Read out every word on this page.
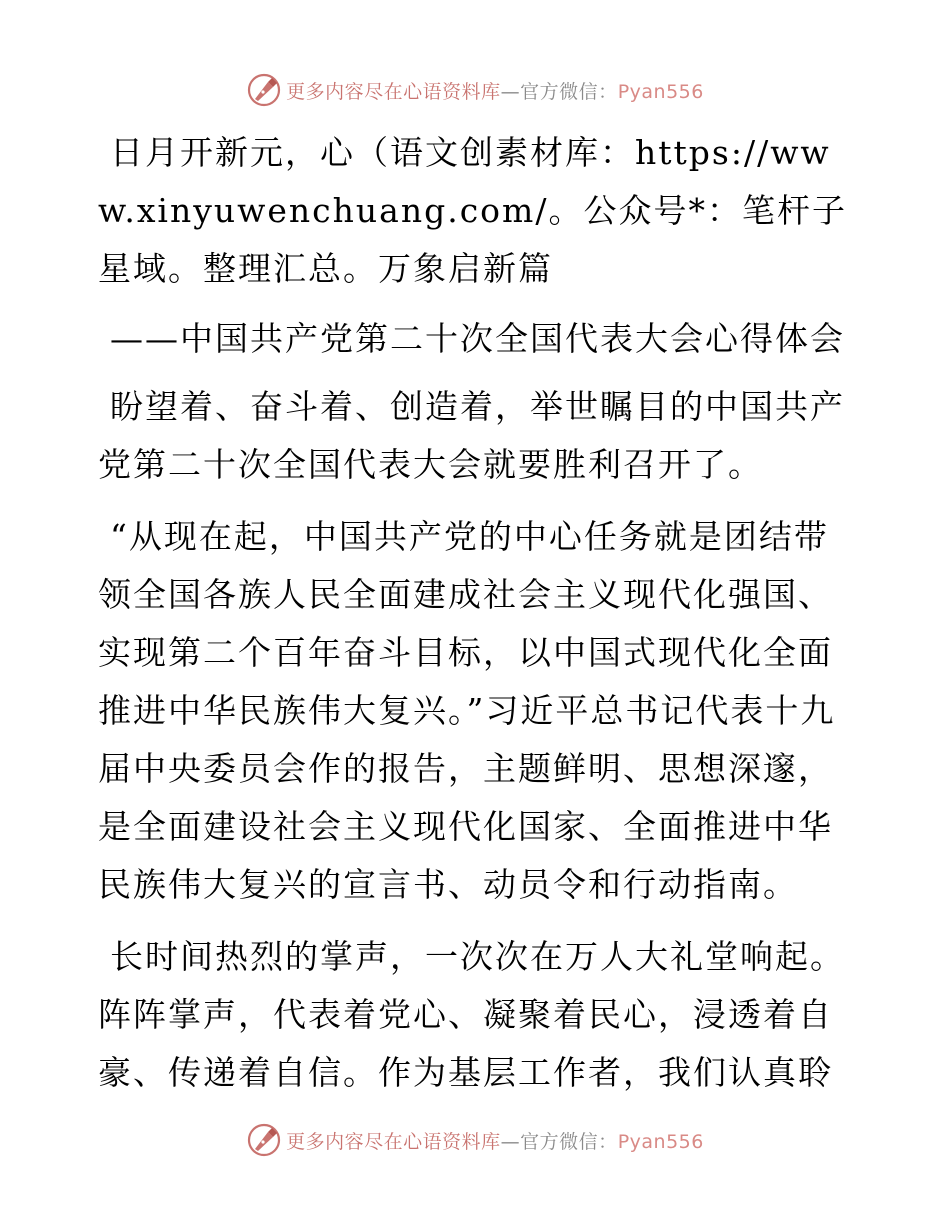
更多内容尽在心语资料库—官方微信：Pyan556

日月开新元，心（语文创素材库：https://www.xinyuwenchuang.com/。公众号*：笔杆子星域。整理汇总。万象启新篇

——中国共产党第二十次全国代表大会心得体会

盼望着、奋斗着、创造着，举世瞩目的中国共产党第二十次全国代表大会就要胜利召开了。

“从现在起，中国共产党的中心任务就是团结带领全国各族人民全面建成社会主义现代化强国、实现第二个百年奋斗目标，以中国式现代化全面推进中华民族伟大复兴。”习近平总书记代表十九届中央委员会作的报告，主题鲜明、思想深邃，是全面建设社会主义现代化国家、全面推进中华民族伟大复兴的宣言书、动员令和行动指南。

长时间热烈的掌声，一次次在万人大礼堂响起。阵阵掌声，代表着党心、凝聚着民心，浸透着自豪、传递着自信。作为基层工作者，我们认真聆

更多内容尽在心语资料库—官方微信：Pyan556
